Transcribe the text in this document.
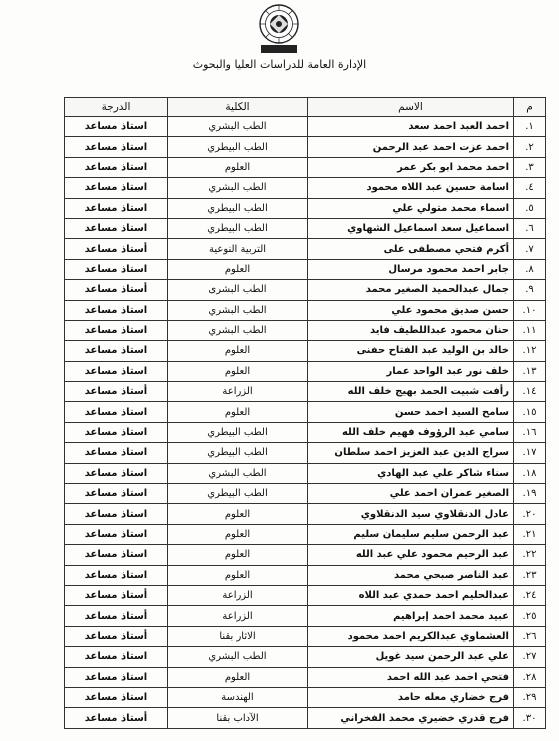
الإدارة العامة للدراسات العليا والبحوث
م	الاسم	الكلية	الدرجة
١.	احمد العبد احمد سعد	الطب البشري	استاذ مساعد
٢.	احمد عزت احمد عبد الرحمن	الطب البيطري	استاذ مساعد
٣.	احمد محمد ابو بكر عمر	العلوم	استاذ مساعد
٤.	اسامة حسين عبد اللاه محمود	الطب البشري	استاذ مساعد
٥.	اسماء محمد متولي علي	الطب البيطري	استاذ مساعد
٦.	اسماعيل سعد اسماعيل الشهاوي	الطب البيطري	استاذ مساعد
٧.	أكرم فتحي مصطفى على	التربية النوعية	أستاذ مساعد
٨.	جابر احمد محمود مرسال	العلوم	استاذ مساعد
٩.	جمال عبدالحميد الصغير محمد	الطب البشرى	أستاذ مساعد
١٠.	حسن صديق محمود علي	الطب البشري	استاذ مساعد
١١.	حنان محمود عبداللطيف فايد	الطب البشري	استاذ مساعد
١٢.	خالد بن الوليد عبد الفتاح حفنى	العلوم	استاذ مساعد
١٣.	خلف نور عبد الواحد عمار	العلوم	استاذ مساعد
١٤.	رأفت شبيت الحمد بهيج خلف الله	الزراعة	أستاذ مساعد
١٥.	سامح السيد احمد حسن	العلوم	استاذ مساعد
١٦.	سامي عبد الرؤوف فهيم خلف الله	الطب البيطري	استاذ مساعد
١٧.	سراج الدين عبد العزيز احمد سلطان	الطب البيطري	استاذ مساعد
١٨.	سناء شاكر علي عبد الهادي	الطب البشري	استاذ مساعد
١٩.	الصغير عمران احمد علي	الطب البيطري	استاذ مساعد
٢٠.	عادل الدنقلاوي سيد الدنقلاوي	العلوم	استاذ مساعد
٢١.	عبد الرحمن سليم سليمان سليم	العلوم	استاذ مساعد
٢٢.	عبد الرحيم محمود علي عبد الله	العلوم	استاذ مساعد
٢٣.	عبد الناصر صبحي محمد	العلوم	استاذ مساعد
٢٤.	عبدالحليم احمد حمدي عبد اللاه	الزراعة	أستاذ مساعد
٢٥.	عبيد محمد احمد إبراهيم	الزراعة	أستاذ مساعد
٢٦.	العشماوي عبدالكريم احمد محمود	الاثار بقنا	أستاذ مساعد
٢٧.	علي عبد الرحمن سيد غويل	الطب البشري	استاذ مساعد
٢٨.	فتحي احمد عبد الله احمد	العلوم	استاذ مساعد
٢٩.	فرج خضاري معله حامد	الهندسة	استاذ مساعد
٣٠.	فرج قدري خضيري محمد الفخراني	الآداب بقنا	أستاذ مساعد
